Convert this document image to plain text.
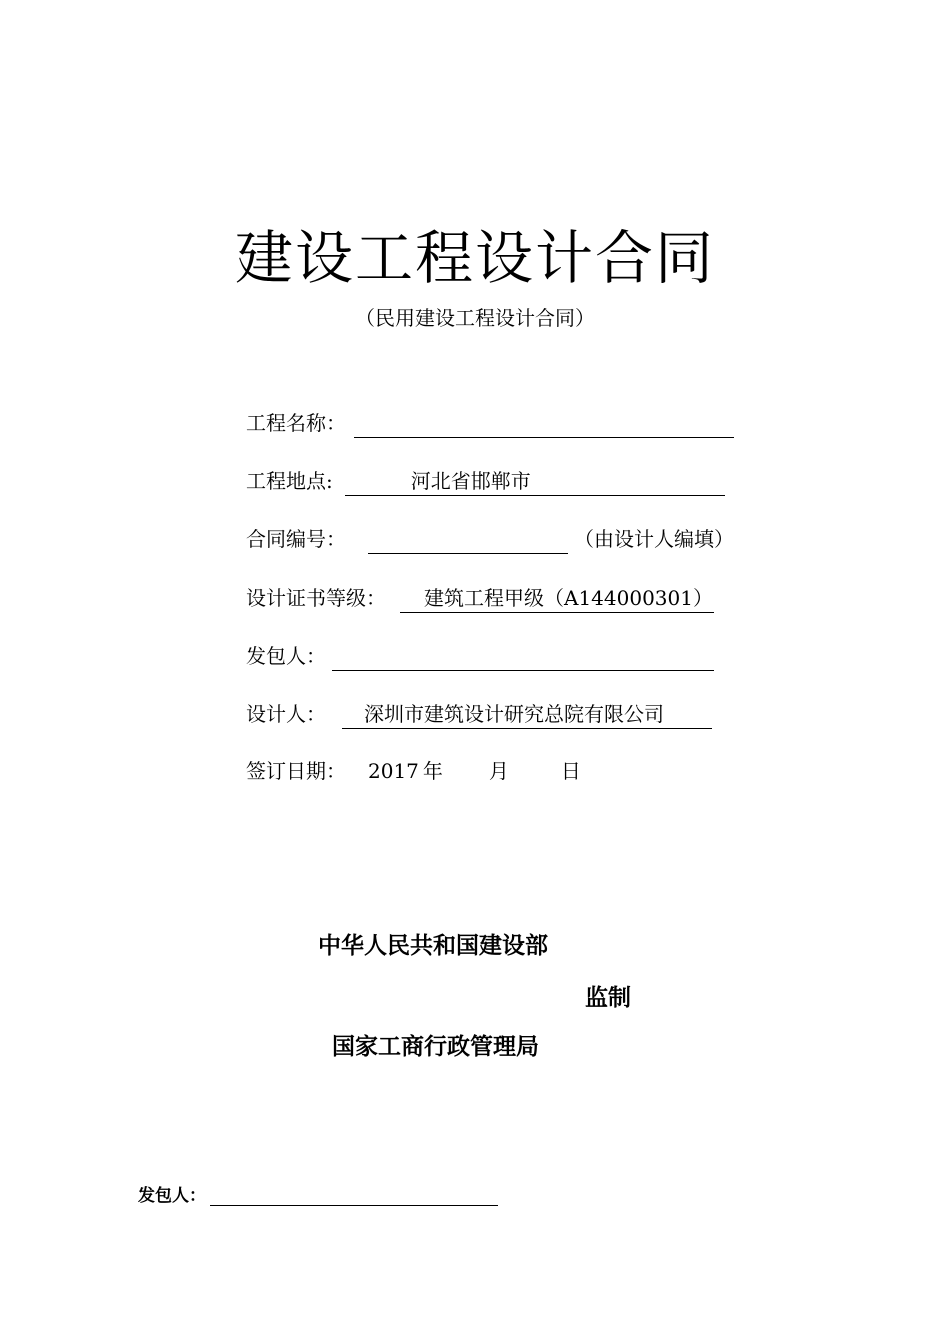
建设工程设计合同
（民用建设工程设计合同）
工程名称：
工程地点:	河北省邯郸市
合同编号：	（由设计人编填）
设计证书等级：	建筑工程甲级（A144000301）
发包人：
设计人：	深圳市建筑设计研究总院有限公司
签订日期：	2017 年	月	日
中华人民共和国建设部
监制
国家工商行政管理局
发包人：
